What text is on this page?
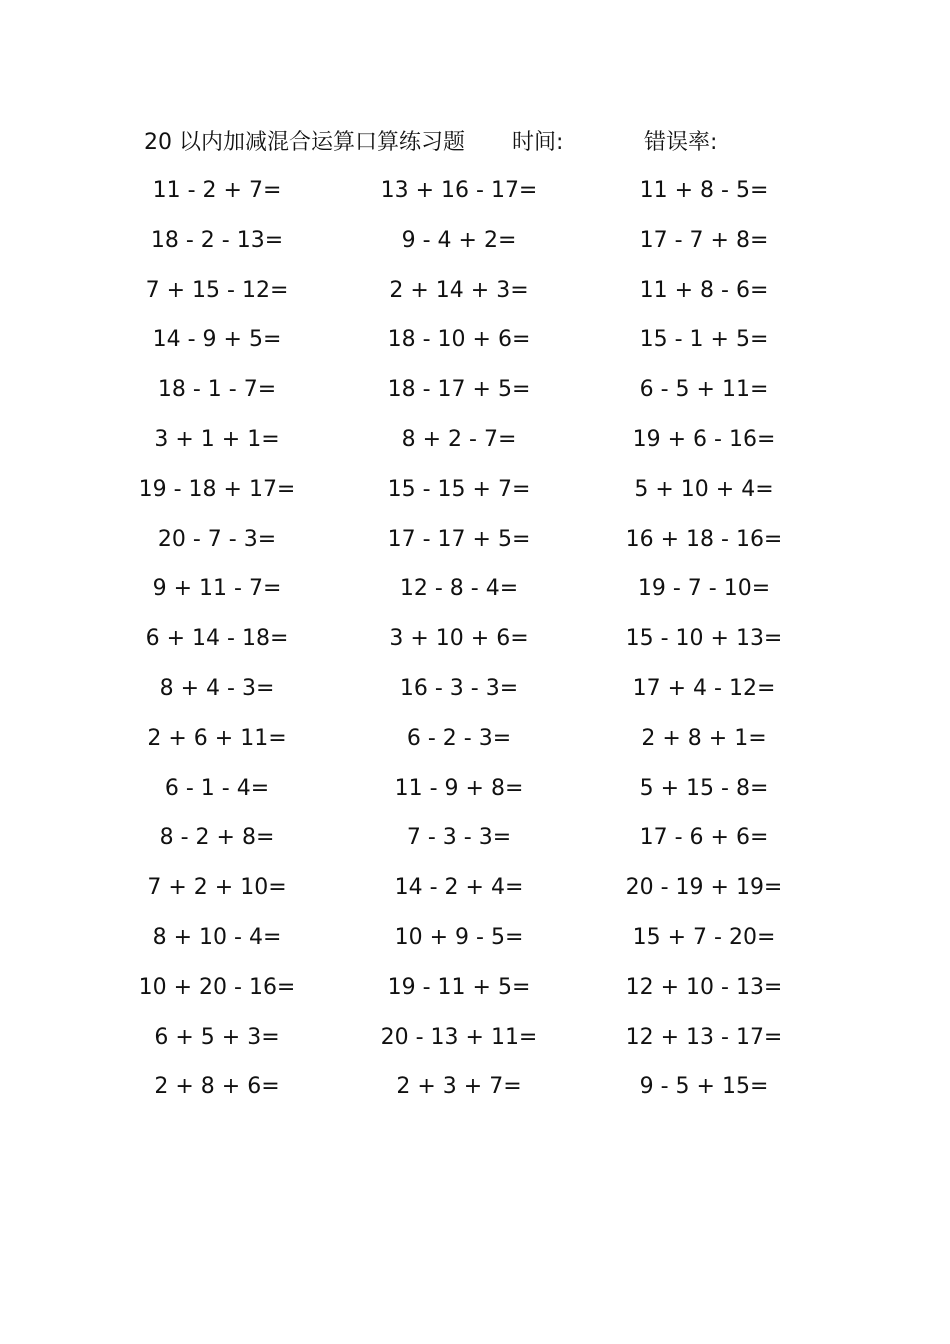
20 以内加减混合运算口算练习题 时间:	错误率:
11 - 2 + 7=	13 + 16 - 17=	11 + 8 - 5=
18 - 2 - 13=	9 - 4 + 2=	17 - 7 + 8=
7 + 15 - 12=	2 + 14 + 3=	11 + 8 - 6=
14 - 9 + 5=	18 - 10 + 6=	15 - 1 + 5=
18 - 1 - 7=	18 - 17 + 5=	6 - 5 + 11=
3 + 1 + 1=	8 + 2 - 7=	19 + 6 - 16=
19 - 18 + 17=	15 - 15 + 7=	5 + 10 + 4=
20 - 7 - 3=	17 - 17 + 5=	16 + 18 - 16=
9 + 11 - 7=	12 - 8 - 4=	19 - 7 - 10=
6 + 14 - 18=	3 + 10 + 6=	15 - 10 + 13=
8 + 4 - 3=	16 - 3 - 3=	17 + 4 - 12=
2 + 6 + 11=	6 - 2 - 3=	2 + 8 + 1=
6 - 1 - 4=	11 - 9 + 8=	5 + 15 - 8=
8 - 2 + 8=	7 - 3 - 3=	17 - 6 + 6=
7 + 2 + 10=	14 - 2 + 4=	20 - 19 + 19=
8 + 10 - 4=	10 + 9 - 5=	15 + 7 - 20=
10 + 20 - 16=	19 - 11 + 5=	12 + 10 - 13=
6 + 5 + 3=	20 - 13 + 11=	12 + 13 - 17=
2 + 8 + 6=	2 + 3 + 7=	9 - 5 + 15=
